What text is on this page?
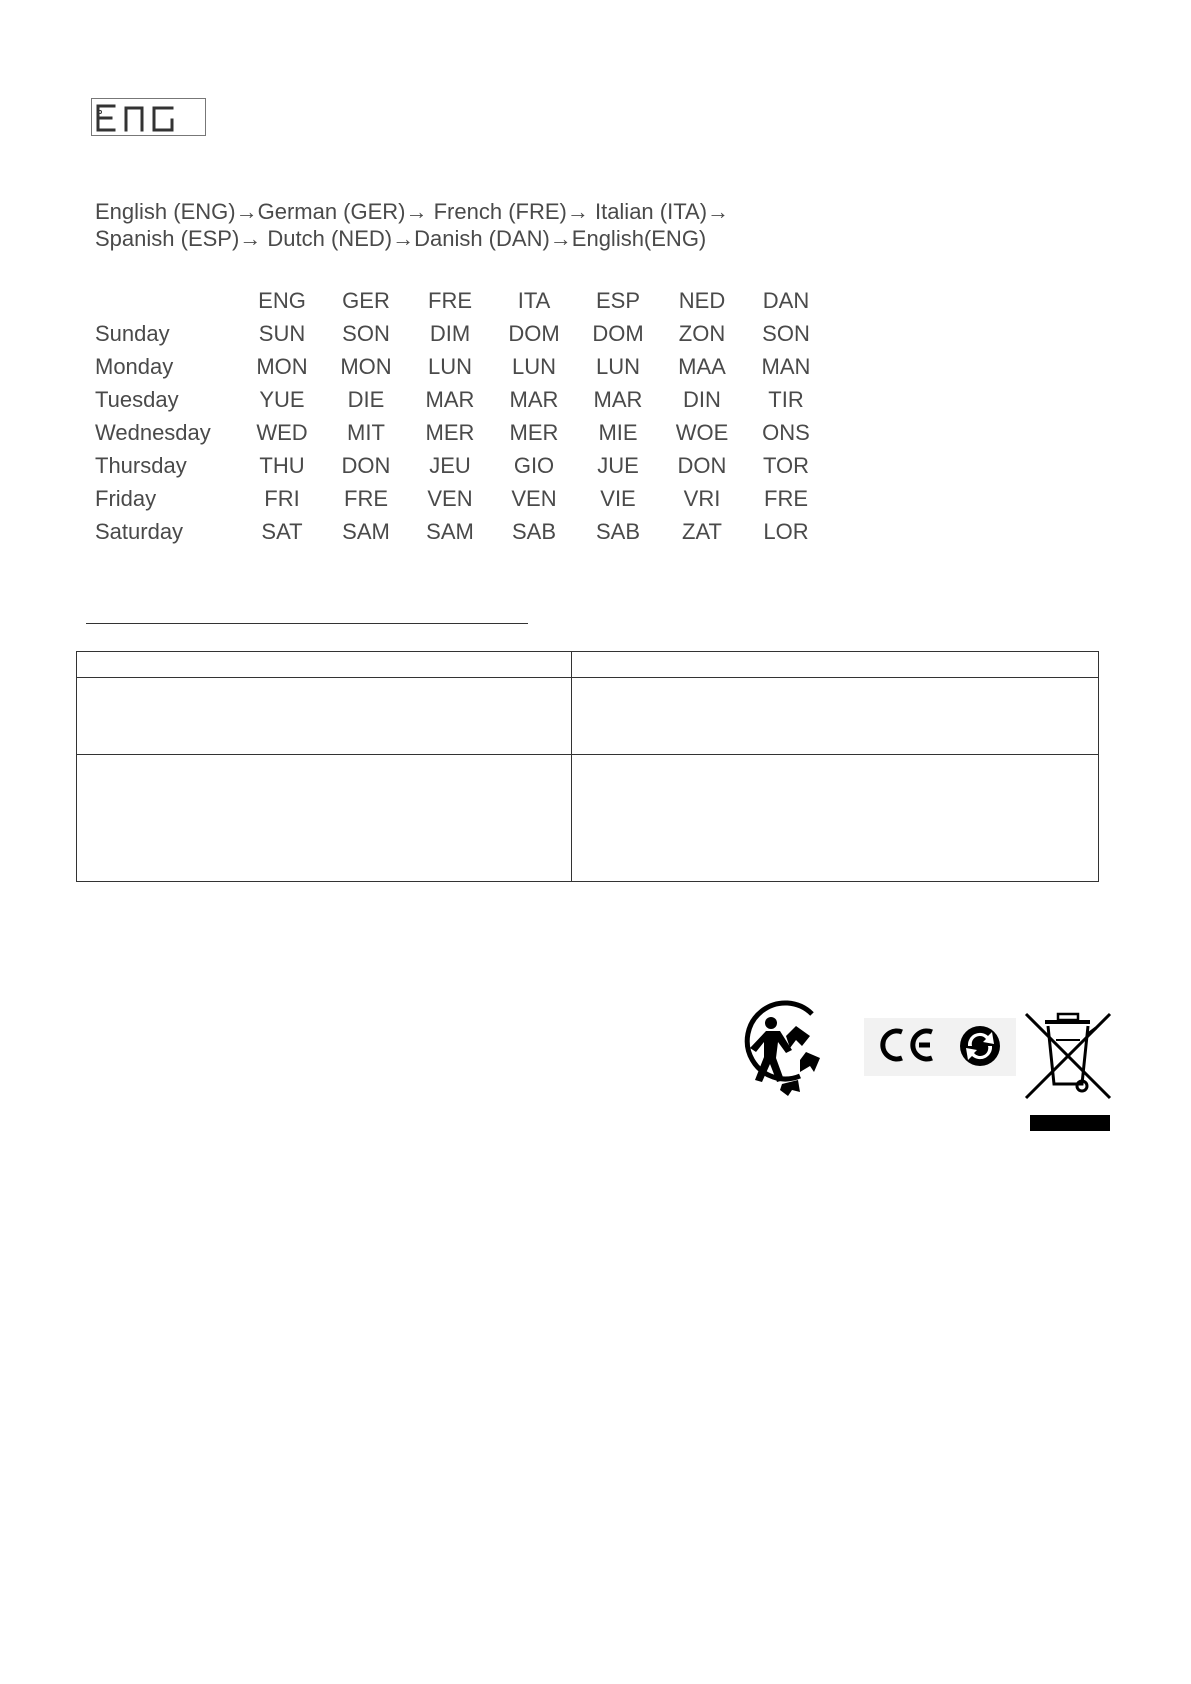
English (ENG)→German (GER)→ French (FRE)→ Italian (ITA)→
Spanish (ESP)→ Dutch (NED)→Danish (DAN)→English(ENG)
	ENG	GER	FRE	ITA	ESP	NED	DAN
Sunday	SUN	SON	DIM	DOM	DOM	ZON	SON
Monday	MON	MON	LUN	LUN	LUN	MAA	MAN
Tuesday	YUE	DIE	MAR	MAR	MAR	DIN	TIR
Wednesday	WED	MIT	MER	MER	MIE	WOE	ONS
Thursday	THU	DON	JEU	GIO	JUE	DON	TOR
Friday	FRI	FRE	VEN	VEN	VIE	VRI	FRE
Saturday	SAT	SAM	SAM	SAB	SAB	ZAT	LOR
